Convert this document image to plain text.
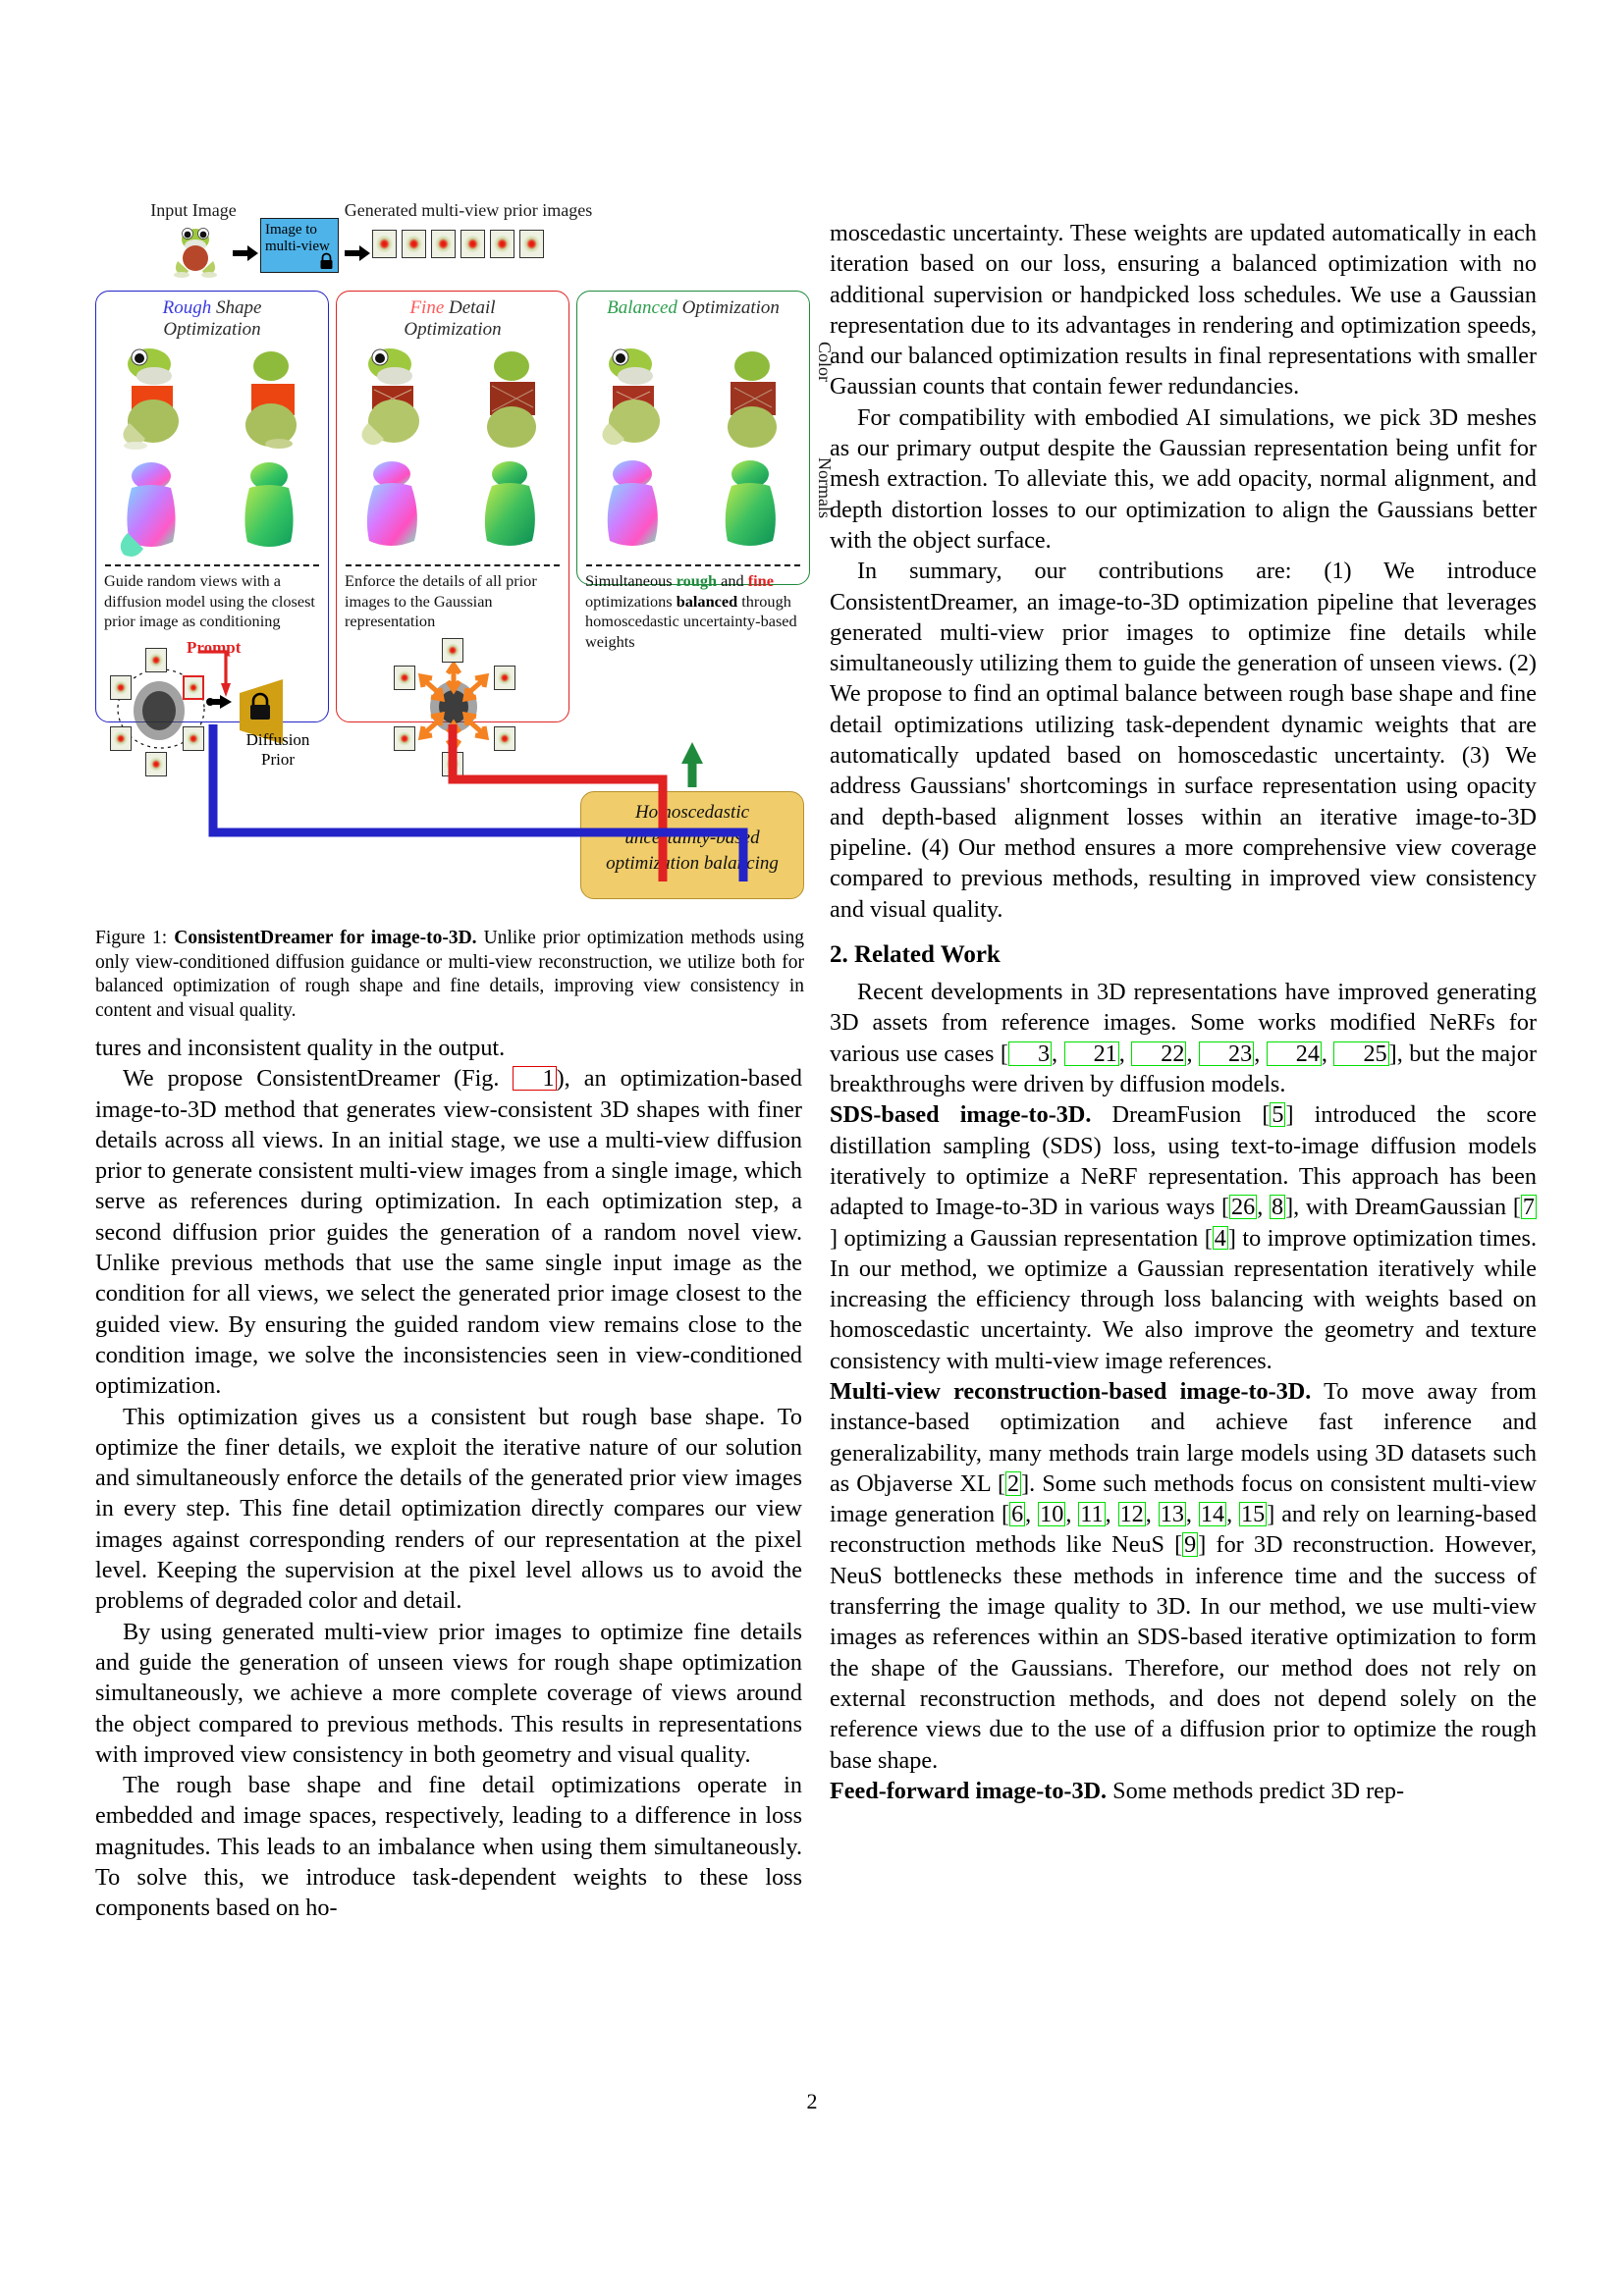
Input Image	Generated multi-view prior images
Image to
multi-view
Rough Shape
Optimization
Guide random views with a diffusion model using the closest prior image as conditioning
Prompt
Diffusion
Prior
Fine Detail
Optimization
Enforce the details of all prior images to the Gaussian representation
Balanced Optimization
Simultaneous rough and fine optimizations balanced through homoscedastic uncertainty-based weights
Homoscedastic
uncertainty-based
optimization balancing
Color
Normals

Figure 1: ConsistentDreamer for image-to-3D. Unlike prior optimization methods using only view-conditioned diffusion guidance or multi-view reconstruction, we utilize both for balanced optimization of rough shape and fine details, improving view consistency in content and visual quality.

tures and inconsistent quality in the output.

We propose ConsistentDreamer (Fig. 1), an optimization-based image-to-3D method that generates view-consistent 3D shapes with finer details across all views. In an initial stage, we use a multi-view diffusion prior to generate consistent multi-view images from a single image, which serve as references during optimization. In each optimization step, a second diffusion prior guides the generation of a random novel view. Unlike previous methods that use the same single input image as the condition for all views, we select the generated prior image closest to the guided view. By ensuring the guided random view remains close to the condition image, we solve the inconsistencies seen in view-conditioned optimization.

This optimization gives us a consistent but rough base shape. To optimize the finer details, we exploit the iterative nature of our solution and simultaneously enforce the details of the generated prior view images in every step. This fine detail optimization directly compares our view images against corresponding renders of our representation at the pixel level. Keeping the supervision at the pixel level allows us to avoid the problems of degraded color and detail.

By using generated multi-view prior images to optimize fine details and guide the generation of unseen views for rough shape optimization simultaneously, we achieve a more complete coverage of views around the object compared to previous methods. This results in representations with improved view consistency in both geometry and visual quality.

The rough base shape and fine detail optimizations operate in embedded and image spaces, respectively, leading to a difference in loss magnitudes. This leads to an imbalance when using them simultaneously. To solve this, we introduce task-dependent weights to these loss components based on ho-

moscedastic uncertainty. These weights are updated automatically in each iteration based on our loss, ensuring a balanced optimization with no additional supervision or handpicked loss schedules. We use a Gaussian representation due to its advantages in rendering and optimization speeds, and our balanced optimization results in final representations with smaller Gaussian counts that contain fewer redundancies.

For compatibility with embodied AI simulations, we pick 3D meshes as our primary output despite the Gaussian representation being unfit for mesh extraction. To alleviate this, we add opacity, normal alignment, and depth distortion losses to our optimization to align the Gaussians better with the object surface.

In summary, our contributions are: (1) We introduce ConsistentDreamer, an image-to-3D optimization pipeline that leverages generated multi-view prior images to optimize fine details while simultaneously utilizing them to guide the generation of unseen views. (2) We propose to find an optimal balance between rough base shape and fine detail optimizations utilizing task-dependent dynamic weights that are automatically updated based on homoscedastic uncertainty. (3) We address Gaussians' shortcomings in surface representation using opacity and depth-based alignment losses within an iterative image-to-3D pipeline. (4) Our method ensures a more comprehensive view coverage compared to previous methods, resulting in improved view consistency and visual quality.

2. Related Work

Recent developments in 3D representations have improved generating 3D assets from reference images. Some works modified NeRFs for various use cases [ 3, 21, 22, 23, 24, 25], but the major breakthroughs were driven by diffusion models.

SDS-based image-to-3D. DreamFusion [5] introduced the score distillation sampling (SDS) loss, using text-to-image diffusion models iteratively to optimize a NeRF representation. This approach has been adapted to Image-to-3D in various ways [26, 8], with DreamGaussian [7] optimizing a Gaussian representation [4] to improve optimization times. In our method, we optimize a Gaussian representation iteratively while increasing the efficiency through loss balancing with weights based on homoscedastic uncertainty. We also improve the geometry and texture consistency with multi-view image references.

Multi-view reconstruction-based image-to-3D. To move away from instance-based optimization and achieve fast inference and generalizability, many methods train large models using 3D datasets such as Objaverse XL [2]. Some such methods focus on consistent multi-view image generation [6, 10, 11, 12, 13, 14, 15] and rely on learning-based reconstruction methods like NeuS [9] for 3D reconstruction. However, NeuS bottlenecks these methods in inference time and the success of transferring the image quality to 3D. In our method, we use multi-view images as references within an SDS-based iterative optimization to form the shape of the Gaussians. Therefore, our method does not rely on external reconstruction methods, and does not depend solely on the reference views due to the use of a diffusion prior to optimize the rough base shape.

Feed-forward image-to-3D. Some methods predict 3D rep-

2
